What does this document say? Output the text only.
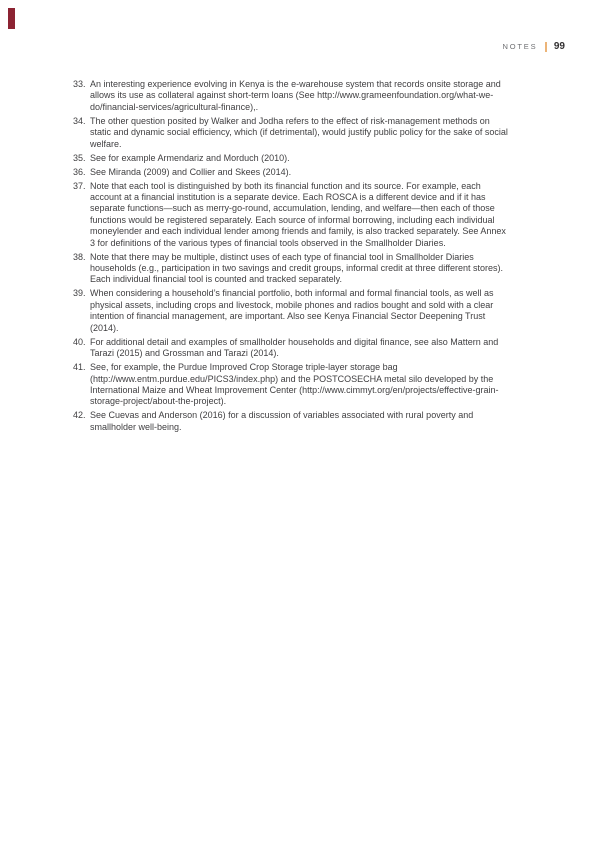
NOTES 99
33. An interesting experience evolving in Kenya is the e-warehouse system that records onsite storage and allows its use as collateral against short-term loans (See http://www.grameenfoundation.org/what-we-do/financial-services/agricultural-finance),.
34. The other question posited by Walker and Jodha refers to the effect of risk-management methods on static and dynamic social efficiency, which (if detrimental), would justify public policy for the sake of social welfare.
35. See for example Armendariz and Morduch (2010).
36. See Miranda (2009) and Collier and Skees (2014).
37. Note that each tool is distinguished by both its financial function and its source. For example, each account at a financial institution is a separate device. Each ROSCA is a different device and if it has separate functions—such as merry-go-round, accumulation, lending, and welfare—then each of those functions would be registered separately. Each source of informal borrowing, including each individual moneylender and each individual lender among friends and family, is also tracked separately. See Annex 3 for definitions of the various types of financial tools observed in the Smallholder Diaries.
38. Note that there may be multiple, distinct uses of each type of financial tool in Smallholder Diaries households (e.g., participation in two savings and credit groups, informal credit at three different stores). Each individual financial tool is counted and tracked separately.
39. When considering a household’s financial portfolio, both informal and formal financial tools, as well as physical assets, including crops and livestock, mobile phones and radios bought and sold with a clear intention of financial management, are important. Also see Kenya Financial Sector Deepening Trust (2014).
40. For additional detail and examples of smallholder households and digital finance, see also Mattern and Tarazi (2015) and Grossman and Tarazi (2014).
41. See, for example, the Purdue Improved Crop Storage triple-layer storage bag (http://www.entm.purdue.edu/PICS3/index.php) and the POSTCOSECHA metal silo developed by the International Maize and Wheat Improvement Center (http://www.cimmyt.org/en/projects/effective-grain-storage-project/about-the-project).
42. See Cuevas and Anderson (2016) for a discussion of variables associated with rural poverty and smallholder well-being.
